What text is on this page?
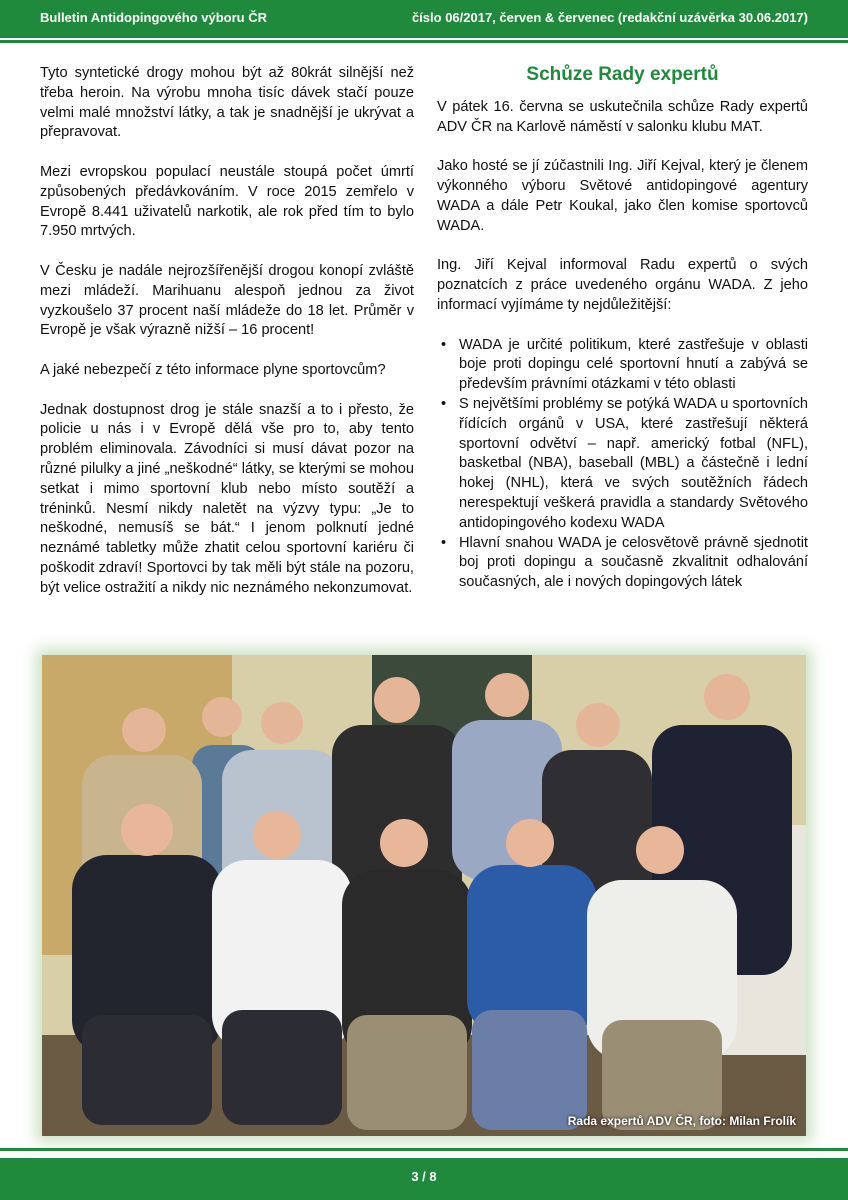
Bulletin Antidopingového výboru ČR	číslo 06/2017, červen & červenec (redakční uzávěrka 30.06.2017)

Tyto syntetické drogy mohou být až 80krát silnější než třeba heroin. Na výrobu mnoha tisíc dávek stačí pouze velmi malé množství látky, a tak je snadnější je ukrývat a přepravovat.

Mezi evropskou populací neustále stoupá počet úmrtí způsobených předávkováním. V roce 2015 zemřelo v Evropě 8.441 uživatelů narkotik, ale rok před tím to bylo 7.950 mrtvých.

V Česku je nadále nejrozšířenější drogou konopí zvláště mezi mládeží. Marihuanu alespoň jednou za život vyzkoušelo 37 procent naší mládeže do 18 let. Průměr v Evropě je však výrazně nižší – 16 procent!

A jaké nebezpečí z této informace plyne sportovcům?

Jednak dostupnost drog je stále snazší a to i přesto, že policie u nás i v Evropě dělá vše pro to, aby tento problém eliminovala. Závodníci si musí dávat pozor na různé pilulky a jiné „neškodné“ látky, se kterými se mohou setkat i mimo sportovní klub nebo místo soutěží a tréninků. Nesmí nikdy naletět na výzvy typu: „Je to neškodné, nemusíš se bát.“ I jenom polknutí jedné neznámé tabletky může zhatit celou sportovní kariéru či poškodit zdraví! Sportovci by tak měli být stále na pozoru, být velice ostražití a nikdy nic neznámého nekonzumovat.

Schůze Rady expertů

V pátek 16. června se uskutečnila schůze Rady expertů ADV ČR na Karlově náměstí v salonku klubu MAT.

Jako hosté se jí zúčastnili Ing. Jiří Kejval, který je členem výkonného výboru Světové antidopingové agentury WADA a dále Petr Koukal, jako člen komise sportovců WADA.

Ing. Jiří Kejval informoval Radu expertů o svých poznatcích z práce uvedeného orgánu WADA. Z jeho informací vyjímáme ty nejdůležitější:

• WADA je určité politikum, které zastřešuje v oblasti boje proti dopingu celé sportovní hnutí a zabývá se především právními otázkami v této oblasti
• S největšími problémy se potýká WADA u sportovních řídících orgánů v USA, které zastřešují některá sportovní odvětví – např. americký fotbal (NFL), basketbal (NBA), baseball (MBL) a částečně i lední hokej (NHL), která ve svých soutěžních řádech nerespektují veškerá pravidla a standardy Světového antidopingového kodexu WADA
• Hlavní snahou WADA je celosvětově právně sjednotit boj proti dopingu a současně zkvalitnit odhalování současných, ale i nových dopingových látek
Rada expertů ADV ČR, foto: Milan Frolík
3 / 8
